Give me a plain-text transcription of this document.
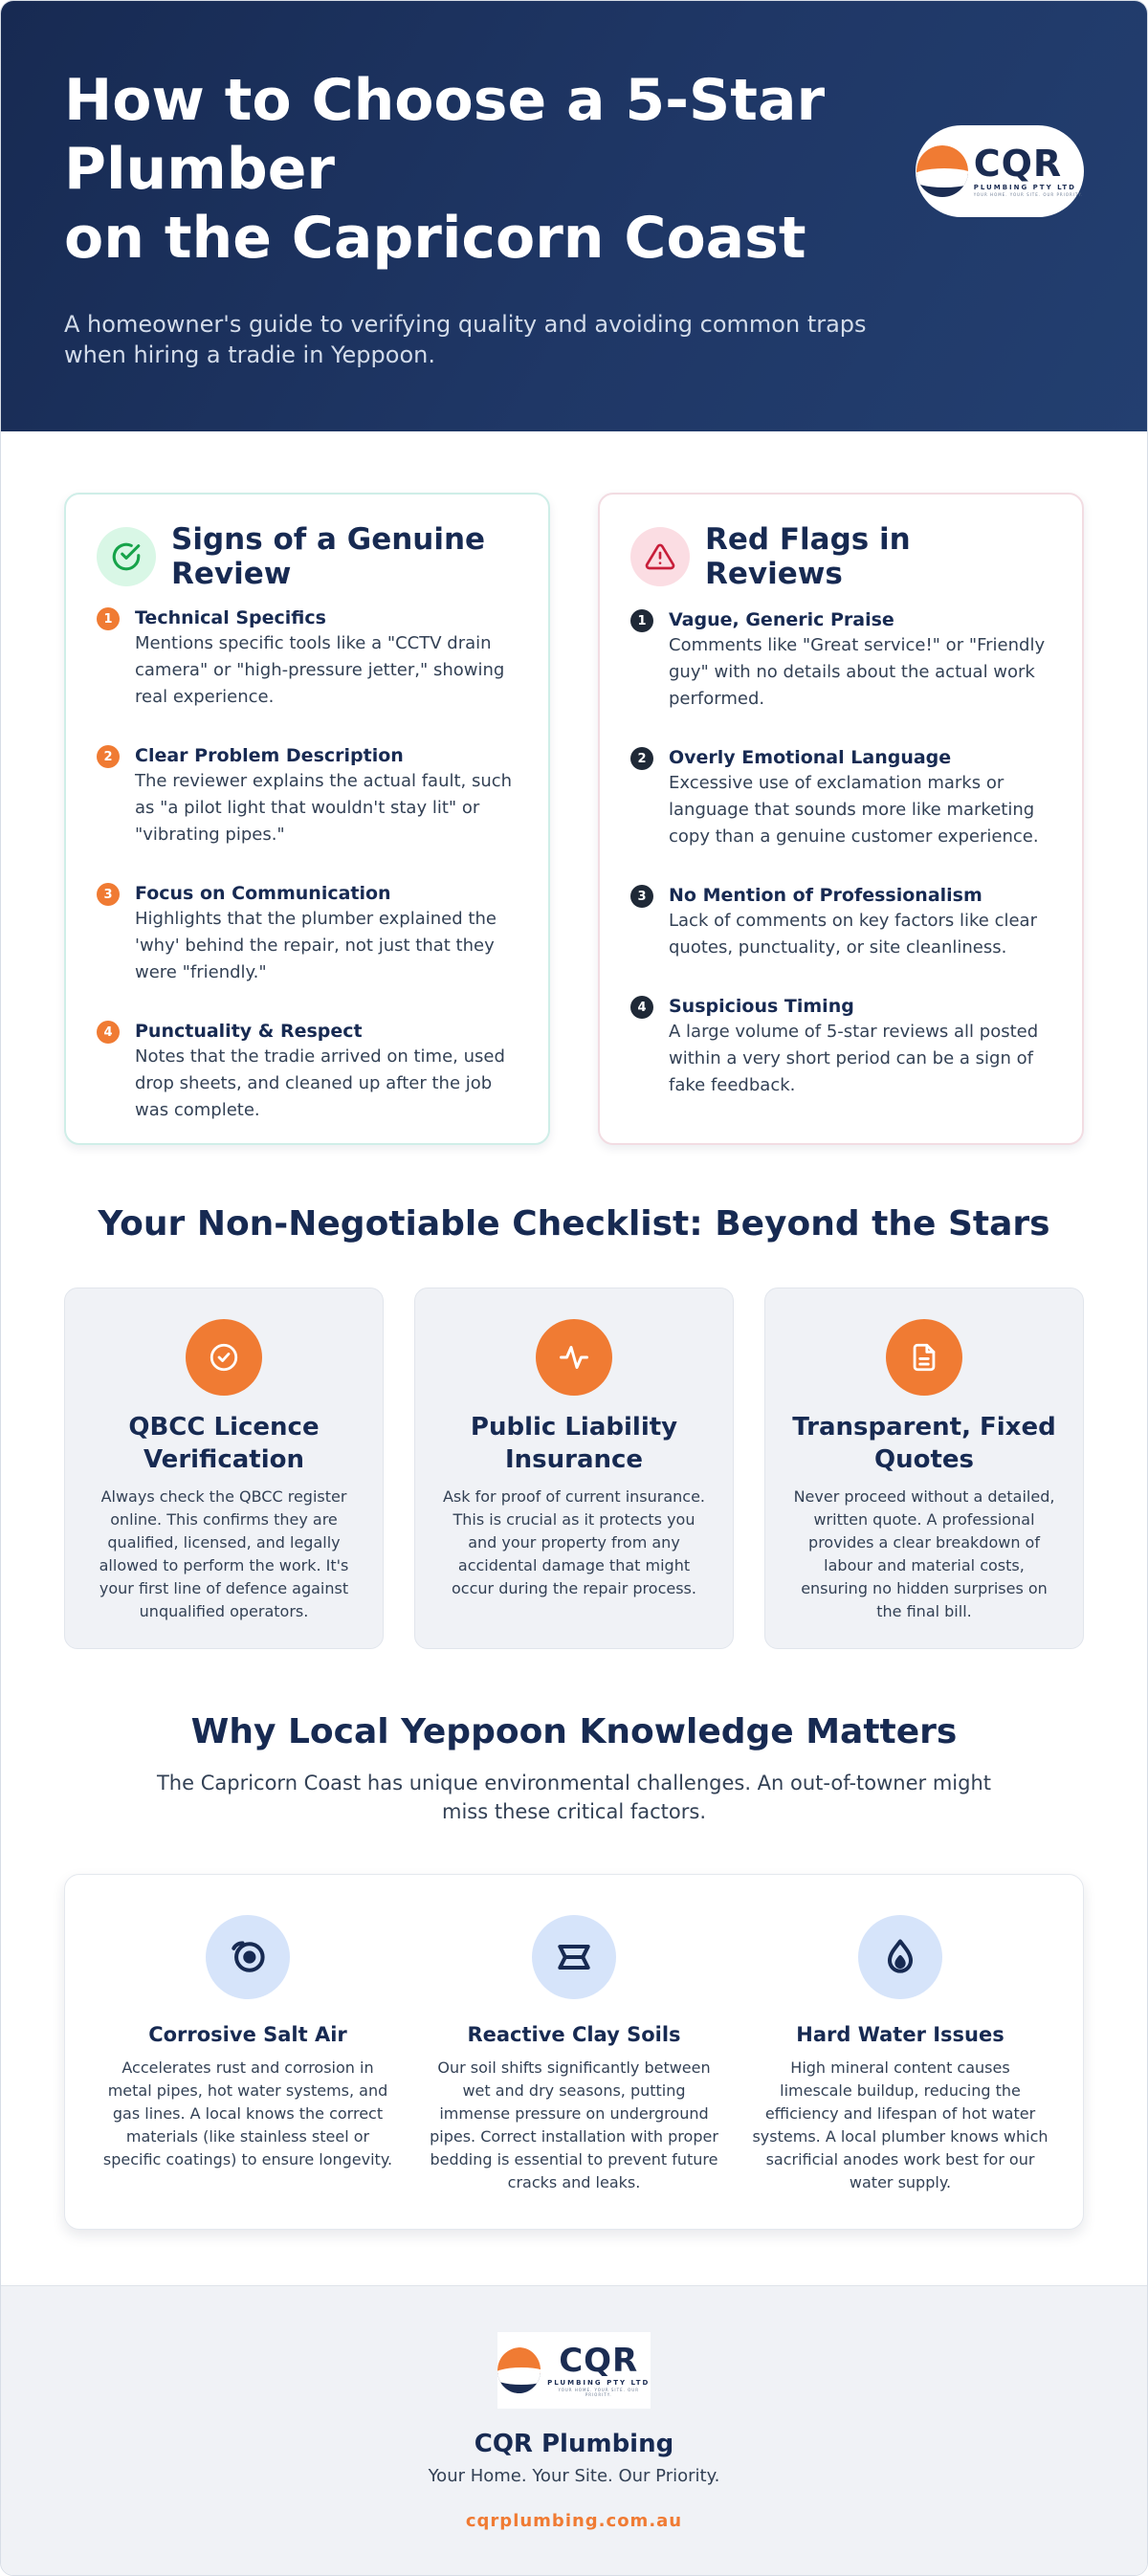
How to Choose a 5-Star
Plumber
on the Capricorn Coast

A homeowner's guide to verifying quality and avoiding common traps when hiring a tradie in Yeppoon.

CQR
PLUMBING PTY LTD
YOUR HOME. YOUR SITE. OUR PRIORITY.
Signs of a Genuine Review
1	Technical Specifics
Mentions specific tools like a "CCTV drain camera" or "high-pressure jetter," showing real experience.
2	Clear Problem Description
The reviewer explains the actual fault, such as "a pilot light that wouldn't stay lit" or "vibrating pipes."
3	Focus on Communication
Highlights that the plumber explained the 'why' behind the repair, not just that they were "friendly."
4	Punctuality & Respect
Notes that the tradie arrived on time, used drop sheets, and cleaned up after the job was complete.
Red Flags in Reviews
1	Vague, Generic Praise
Comments like "Great service!" or "Friendly guy" with no details about the actual work performed.
2	Overly Emotional Language
Excessive use of exclamation marks or language that sounds more like marketing copy than a genuine customer experience.
3	No Mention of Professionalism
Lack of comments on key factors like clear quotes, punctuality, or site cleanliness.
4	Suspicious Timing
A large volume of 5-star reviews all posted within a very short period can be a sign of fake feedback.
Your Non-Negotiable Checklist: Beyond the Stars
QBCC Licence Verification

Always check the QBCC register online. This confirms they are qualified, licensed, and legally allowed to perform the work. It's your first line of defence against unqualified operators.

Public Liability Insurance

Ask for proof of current insurance. This is crucial as it protects you and your property from any accidental damage that might occur during the repair process.

Transparent, Fixed Quotes

Never proceed without a detailed, written quote. A professional provides a clear breakdown of labour and material costs, ensuring no hidden surprises on the final bill.

Why Local Yeppoon Knowledge Matters

The Capricorn Coast has unique environmental challenges. An out-of-towner might miss these critical factors.

Corrosive Salt Air

Accelerates rust and corrosion in metal pipes, hot water systems, and gas lines. A local knows the correct materials (like stainless steel or specific coatings) to ensure longevity.

Reactive Clay Soils

Our soil shifts significantly between wet and dry seasons, putting immense pressure on underground pipes. Correct installation with proper bedding is essential to prevent future cracks and leaks.

Hard Water Issues

High mineral content causes limescale buildup, reducing the efficiency and lifespan of hot water systems. A local plumber knows which sacrificial anodes work best for our water supply.

CQR
PLUMBING PTY LTD
YOUR HOME. YOUR SITE. OUR PRIORITY.
CQR Plumbing
Your Home. Your Site. Our Priority.
cqrplumbing.com.au
